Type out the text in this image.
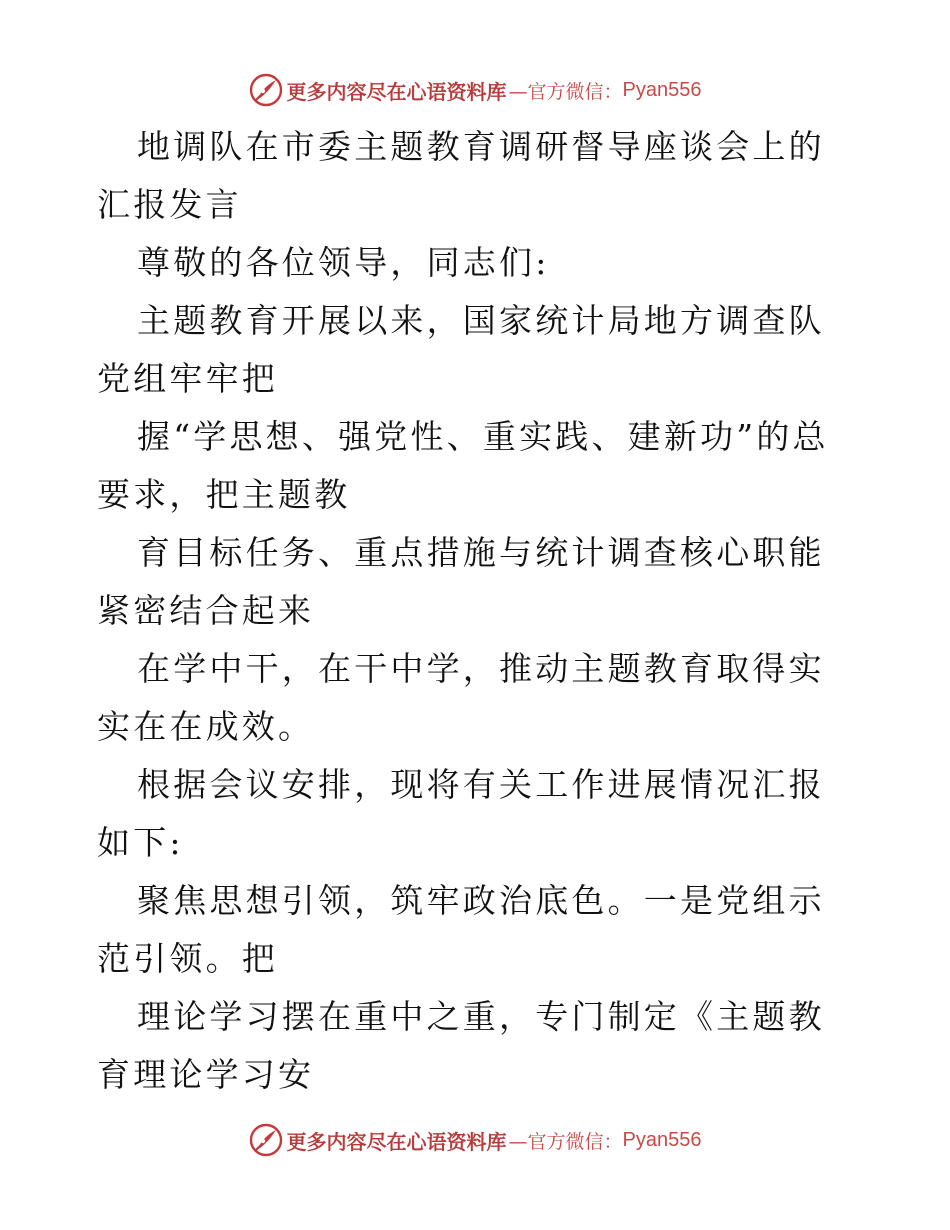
更多内容尽在心语资料库 —官方微信： Pyan556

地调队在市委主题教育调研督导座谈会上的汇报发言

尊敬的各位领导，同志们:

主题教育开展以来，国家统计局地方调查队党组牢牢把

握“学思想、强党性、重实践、建新功”的总要求，把主题教

育目标任务、重点措施与统计调查核心职能紧密结合起来

在学中干，在干中学，推动主题教育取得实实在在成效。

根据会议安排，现将有关工作进展情况汇报如下:

聚焦思想引领，筑牢政治底色。一是党组示范引领。把

理论学习摆在重中之重，专门制定《主题教育理论学习安

更多内容尽在心语资料库 —官方微信： Pyan556
